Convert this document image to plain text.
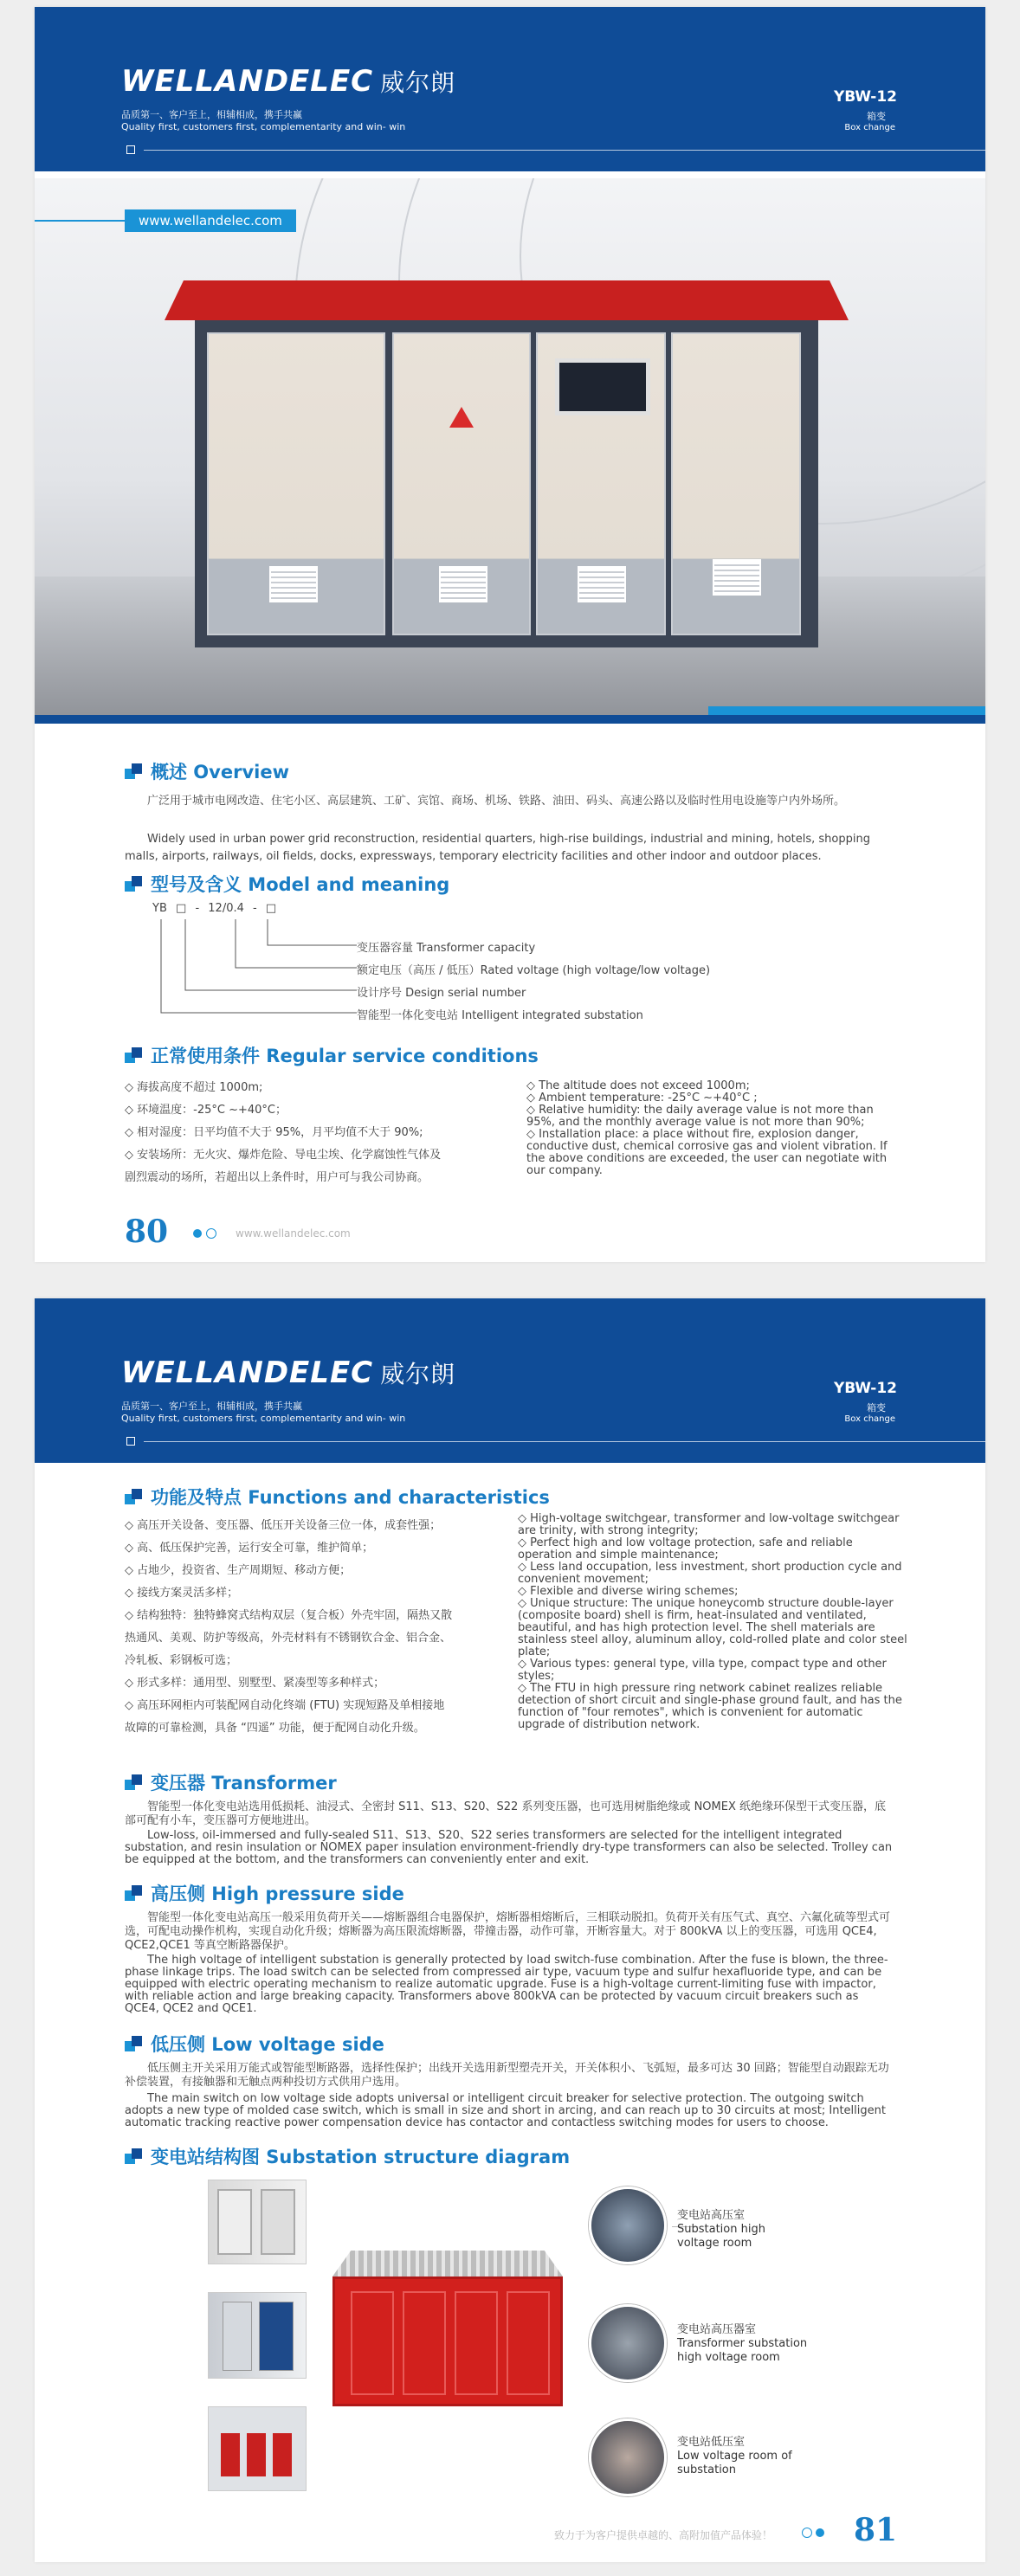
WELLANDELEC 威尔朗
品质第一、客户至上，相辅相成，携手共赢
Quality first, customers first, complementarity and win- win
YBW-12
箱变
Box change
www.wellandelec.com
概述 Overview
广泛用于城市电网改造、住宅小区、高层建筑、工矿、宾馆、商场、机场、铁路、油田、码头、高速公路以及临时性用电设施等户内外场所。
Widely used in urban power grid reconstruction, residential quarters, high-rise buildings, industrial and mining, hotels, shopping malls, airports, railways, oil fields, docks, expressways, temporary electricity facilities and other indoor and outdoor places.
型号及含义 Model and meaning
YB □ - 12/0.4 - □
变压器容量 Transformer capacity
额定电压（高压 / 低压）Rated voltage (high voltage/low voltage)
设计序号 Design serial number
智能型一体化变电站 Intelligent integrated substation
正常使用条件 Regular service conditions
◇ 海拔高度不超过 1000m;
◇ 环境温度：-25°C ~+40°C；
◇ 相对湿度：日平均值不大于 95%，月平均值不大于 90%;
◇ 安装场所：无火灾、爆炸危险、导电尘埃、化学腐蚀性气体及
剧烈震动的场所，若超出以上条件时，用户可与我公司协商。
◇ The altitude does not exceed 1000m;
◇ Ambient temperature: -25°C ~+40°C ;
◇ Relative humidity: the daily average value is not more than 95%, and the monthly average value is not more than 90%;
◇ Installation place: a place without fire, explosion danger, conductive dust, chemical corrosive gas and violent vibration. If the above conditions are exceeded, the user can negotiate with our company.
80	www.wellandelec.com
WELLANDELEC 威尔朗
品质第一、客户至上，相辅相成，携手共赢
Quality first, customers first, complementarity and win- win
YBW-12
箱变
Box change
功能及特点 Functions and characteristics
◇ 高压开关设备、变压器、低压开关设备三位一体，成套性强；
◇ 高、低压保护完善，运行安全可靠，维护简单；
◇ 占地少，投资省、生产周期短、移动方便；
◇ 接线方案灵活多样；
◇ 结构独特：独特蜂窝式结构双层（复合板）外壳牢固，隔热又散
热通风、美观、防护等级高，外壳材料有不锈钢钦合金、铝合金、
冷轧板、彩钢板可选；
◇ 形式多样：通用型、别墅型、紧凑型等多种样式；
◇ 高压环网柜内可装配网自动化终端 (FTU) 实现短路及单相接地
故障的可靠检测，具备 “四遥” 功能，便于配网自动化升级。
◇ High-voltage switchgear, transformer and low-voltage switchgear are trinity, with strong integrity;
◇ Perfect high and low voltage protection, safe and reliable operation and simple maintenance;
◇ Less land occupation, less investment, short production cycle and convenient movement;
◇ Flexible and diverse wiring schemes;
◇ Unique structure: The unique honeycomb structure double-layer (composite board) shell is firm, heat-insulated and ventilated, beautiful, and has high protection level. The shell materials are stainless steel alloy, aluminum alloy, cold-rolled plate and color steel plate;
◇ Various types: general type, villa type, compact type and other styles;
◇ The FTU in high pressure ring network cabinet realizes reliable detection of short circuit and single-phase ground fault, and has the function of "four remotes", which is convenient for automatic upgrade of distribution network.
变压器 Transformer
智能型一体化变电站选用低损耗、油浸式、全密封 S11、S13、S20、S22 系列变压器，也可选用树脂绝缘或 NOMEX 纸绝缘环保型干式变压器，底部可配有小车，变压器可方便地进出。
Low-loss, oil-immersed and fully-sealed S11、S13、S20、S22 series transformers are selected for the intelligent integrated substation, and resin insulation or NOMEX paper insulation environment-friendly dry-type transformers can also be selected. Trolley can be equipped at the bottom, and the transformers can conveniently enter and exit.
高压侧 High pressure side
智能型一体化变电站高压一般采用负荷开关——熔断器组合电器保护，熔断器相熔断后，三相联动脱扣。负荷开关有压气式、真空、六氟化硫等型式可选，可配电动操作机构，实现自动化升级；熔断器为高压限流熔断器，带撞击器，动作可靠，开断容量大。对于 800kVA 以上的变压器，可选用 QCE4, QCE2,QCE1 等真空断路器保护。
The high voltage of intelligent substation is generally protected by load switch-fuse combination. After the fuse is blown, the three-phase linkage trips. The load switch can be selected from compressed air type, vacuum type and sulfur hexafluoride type, and can be equipped with electric operating mechanism to realize automatic upgrade. Fuse is a high-voltage current-limiting fuse with impactor, with reliable action and large breaking capacity. Transformers above 800kVA can be protected by vacuum circuit breakers such as QCE4, QCE2 and QCE1.
低压侧 Low voltage side
低压侧主开关采用万能式或智能型断路器，选择性保护；出线开关选用新型塑壳开关，开关体积小、飞弧短，最多可达 30 回路；智能型自动跟踪无功补偿装置，有接触器和无触点两种投切方式供用户选用。
The main switch on low voltage side adopts universal or intelligent circuit breaker for selective protection. The outgoing switch adopts a new type of molded case switch, which is small in size and short in arcing, and can reach up to 30 circuits at most; Intelligent automatic tracking reactive power compensation device has contactor and contactless switching modes for users to choose.
变电站结构图 Substation structure diagram
变电站高压室
Substation high voltage room
变电站高压器室
Transformer substation high voltage room
变电站低压室
Low voltage room of substation
致力于为客户提供卓越的、高附加值产品体验！	81
